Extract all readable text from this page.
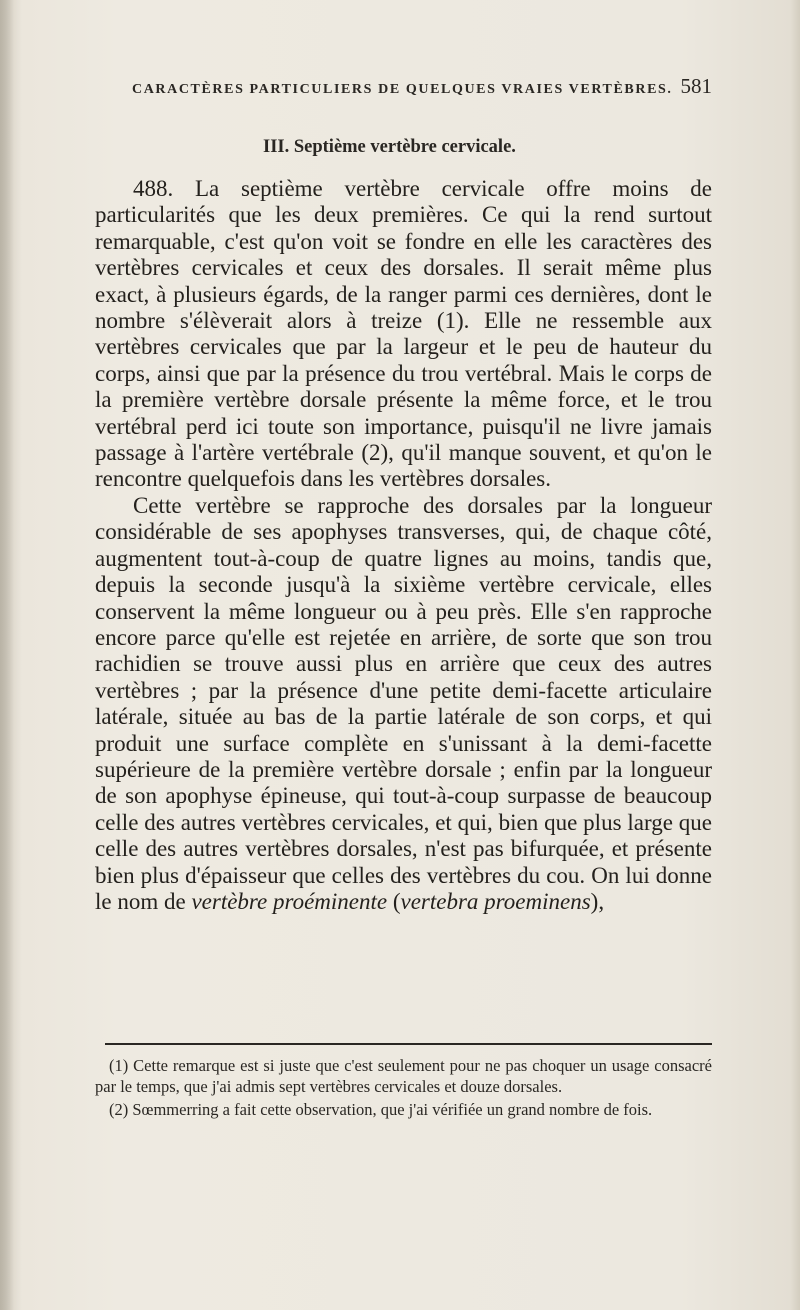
CARACTÈRES PARTICULIERS DE QUELQUES VRAIES VERTÈBRES. 581
III. Septième vertèbre cervicale.

488. La septième vertèbre cervicale offre moins de particularités que les deux premières. Ce qui la rend surtout remarquable, c'est qu'on voit se fondre en elle les caractères des vertèbres cervicales et ceux des dorsales. Il serait même plus exact, à plusieurs égards, de la ranger parmi ces dernières, dont le nombre s'élèverait alors à treize (1). Elle ne ressemble aux vertèbres cervicales que par la largeur et le peu de hauteur du corps, ainsi que par la présence du trou vertébral. Mais le corps de la première vertèbre dorsale présente la même force, et le trou vertébral perd ici toute son importance, puisqu'il ne livre jamais passage à l'artère vertébrale (2), qu'il manque souvent, et qu'on le rencontre quelquefois dans les vertèbres dorsales.

Cette vertèbre se rapproche des dorsales par la longueur considérable de ses apophyses transverses, qui, de chaque côté, augmentent tout-à-coup de quatre lignes au moins, tandis que, depuis la seconde jusqu'à la sixième vertèbre cervicale, elles conservent la même longueur ou à peu près. Elle s'en rapproche encore parce qu'elle est rejetée en arrière, de sorte que son trou rachidien se trouve aussi plus en arrière que ceux des autres vertèbres ; par la présence d'une petite demi-facette articulaire latérale, située au bas de la partie latérale de son corps, et qui produit une surface complète en s'unissant à la demi-facette supérieure de la première vertèbre dorsale ; enfin par la longueur de son apophyse épineuse, qui tout-à-coup surpasse de beaucoup celle des autres vertèbres cervicales, et qui, bien que plus large que celle des autres vertèbres dorsales, n'est pas bifurquée, et présente bien plus d'épaisseur que celles des vertèbres du cou. On lui donne le nom de vertèbre proéminente (vertebra proeminens),

(1) Cette remarque est si juste que c'est seulement pour ne pas choquer un usage consacré par le temps, que j'ai admis sept vertèbres cervicales et douze dorsales.

(2) Sœmmerring a fait cette observation, que j'ai vérifiée un grand nombre de fois.
